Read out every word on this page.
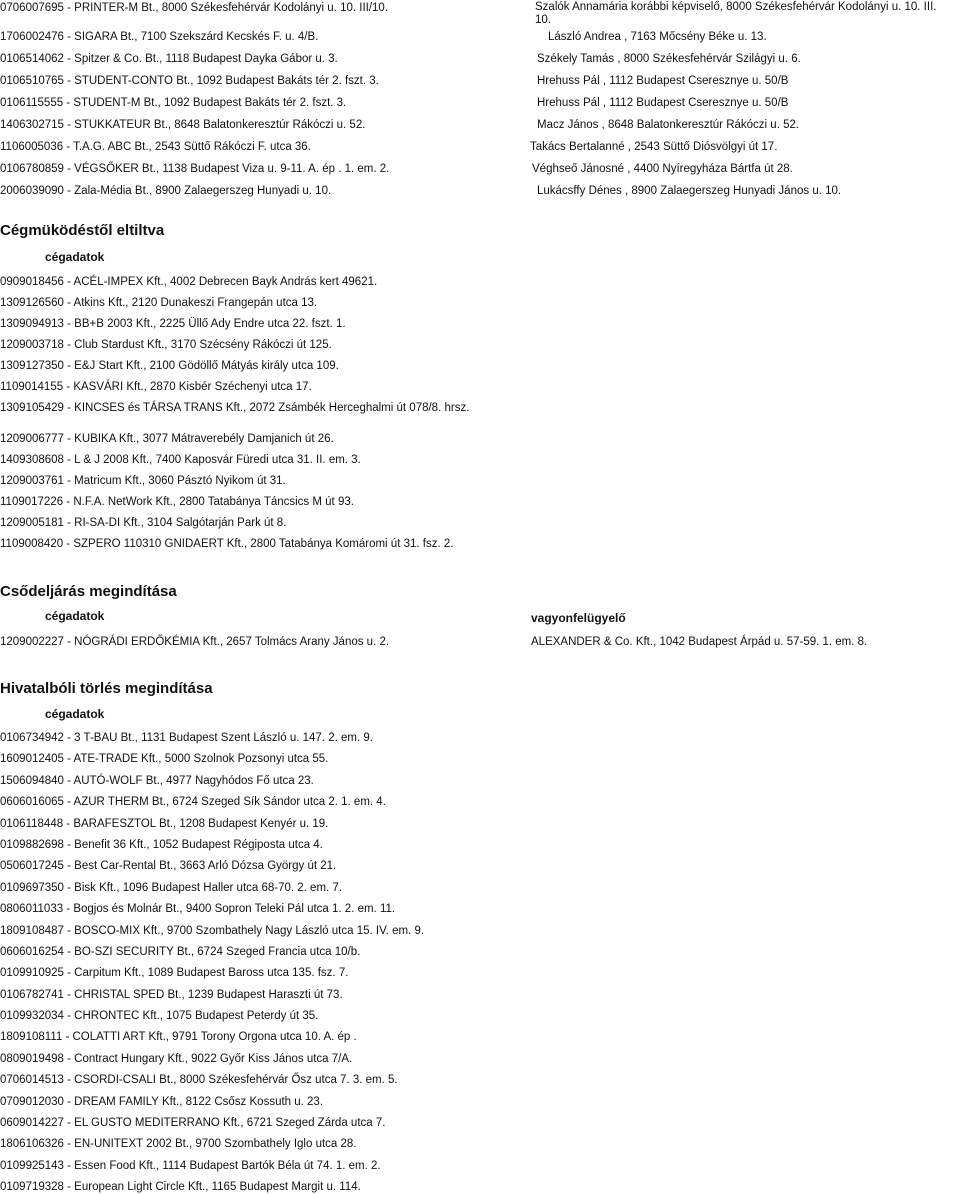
0706007695 - PRINTER-M Bt., 8000 Székesfehérvár Kodolányi u. 10. III/10.	Szalók Annamária korábbi képviselő, 8000 Székesfehérvár Kodolányi u. 10. III. 10.
1706002476 - SIGARA Bt., 7100 Szekszárd Kecskés F. u. 4/B.	László Andrea , 7163 Mőcsény Béke u. 13.
0106514062 - Spitzer & Co. Bt., 1118 Budapest Dayka Gábor u. 3.	Székely Tamás , 8000 Székesfehérvár Szilágyi u. 6.
0106510765 - STUDENT-CONTO Bt., 1092 Budapest Bakáts tér 2. fszt. 3.	Hrehuss Pál , 1112 Budapest Cseresznye u. 50/B
0106115555 - STUDENT-M Bt., 1092 Budapest Bakáts tér 2. fszt. 3.	Hrehuss Pál , 1112 Budapest Cseresznye u. 50/B
1406302715 - STUKKATEUR Bt., 8648 Balatonkeresztúr Rákóczi u. 52.	Macz János , 8648 Balatonkeresztúr Rákóczi u. 52.
1106005036 - T.A.G. ABC Bt., 2543 Süttő Rákóczi F. utca 36.	Takács Bertalanné , 2543 Süttő Diósvölgyi út 17.
0106780859 - VÉGSŐKER Bt., 1138 Budapest Viza u. 9-11. A. ép . 1. em. 2.	Véghseő Jánosné , 4400 Nyíregyháza Bártfa út 28.
2006039090 - Zala-Média Bt., 8900 Zalaegerszeg Hunyadi u. 10.	Lukácsffy Dénes , 8900 Zalaegerszeg Hunyadi János u. 10.
Cégmüködéstől eltiltva
cégadatok
0909018456 - ACÉL-IMPEX Kft., 4002 Debrecen Bayk András kert 49621.
1309126560 - Atkins Kft., 2120 Dunakeszi Frangepán utca 13.
1309094913 - BB+B 2003 Kft., 2225 Üllő Ady Endre utca 22. fszt. 1.
1209003718 - Club Stardust Kft., 3170 Szécsény Rákóczi út 125.
1309127350 - E&J Start Kft., 2100 Gödöllő Mátyás király utca 109.
1109014155 - KASVÁRI Kft., 2870 Kisbér Széchenyi utca 17.
1309105429 - KINCSES és TÁRSA TRANS Kft., 2072 Zsámbék Herceghalmi út 078/8. hrsz.
1209006777 - KUBIKA Kft., 3077 Mátraverebély Damjanich út 26.
1409308608 - L & J 2008 Kft., 7400 Kaposvár Füredi utca 31. II. em. 3.
1209003761 - Matricum Kft., 3060 Pásztó Nyikom út 31.
1109017226 - N.F.A. NetWork Kft., 2800 Tatabánya Táncsics M út 93.
1209005181 - RI-SA-DI Kft., 3104 Salgótarján Park út 8.
1109008420 - SZPERO 110310 GNIDAERT Kft., 2800 Tatabánya Komáromi út 31. fsz. 2.
Csődeljárás megindítása
cégadatok	vagyonfelügyelő
1209002227 - NÓGRÁDI ERDŐKÉMIA Kft., 2657 Tolmács Arany János u. 2.	ALEXANDER & Co. Kft., 1042 Budapest Árpád u. 57-59. 1. em. 8.
Hivatalbóli törlés megindítása
cégadatok
0106734942 - 3 T-BAU Bt., 1131 Budapest Szent László u. 147. 2. em. 9.
1609012405 - ATE-TRADE Kft., 5000 Szolnok Pozsonyi utca 55.
1506094840 - AUTÓ-WOLF Bt., 4977 Nagyhódos Fő utca 23.
0606016065 - AZUR THERM Bt., 6724 Szeged Sík Sándor utca 2. 1. em. 4.
0106118448 - BARAFESZTOL Bt., 1208 Budapest Kenyér u. 19.
0109882698 - Benefit 36 Kft., 1052 Budapest Régiposta utca 4.
0506017245 - Best Car-Rental Bt., 3663 Arló Dózsa György út 21.
0109697350 - Bisk Kft., 1096 Budapest Haller utca 68-70. 2. em. 7.
0806011033 - Bogjos és Molnár Bt., 9400 Sopron Teleki Pál utca 1. 2. em. 11.
1809108487 - BOSCO-MIX Kft., 9700 Szombathely Nagy László utca 15. IV. em. 9.
0606016254 - BO-SZI SECURITY Bt., 6724 Szeged Francia utca 10/b.
0109910925 - Carpitum Kft., 1089 Budapest Baross utca 135. fsz. 7.
0106782741 - CHRISTAL SPED Bt., 1239 Budapest Haraszti út 73.
0109932034 - CHRONTEC Kft., 1075 Budapest Peterdy út 35.
1809108111 - COLATTI ART Kft., 9791 Torony Orgona utca 10. A. ép .
0809019498 - Contract Hungary Kft., 9022 Győr Kiss János utca 7/A.
0706014513 - CSORDI-CSALI Bt., 8000 Székesfehérvár Ősz utca 7. 3. em. 5.
0709012030 - DREAM FAMILY Kft., 8122 Csősz Kossuth u. 23.
0609014227 - EL GUSTO MEDITERRANO Kft., 6721 Szeged Zárda utca 7.
1806106326 - EN-UNITEXT 2002 Bt., 9700 Szombathely Iglo utca 28.
0109925143 - Essen Food Kft., 1114 Budapest Bartók Béla út 74. 1. em. 2.
0109719328 - European Light Circle Kft., 1165 Budapest Margit u. 114.
